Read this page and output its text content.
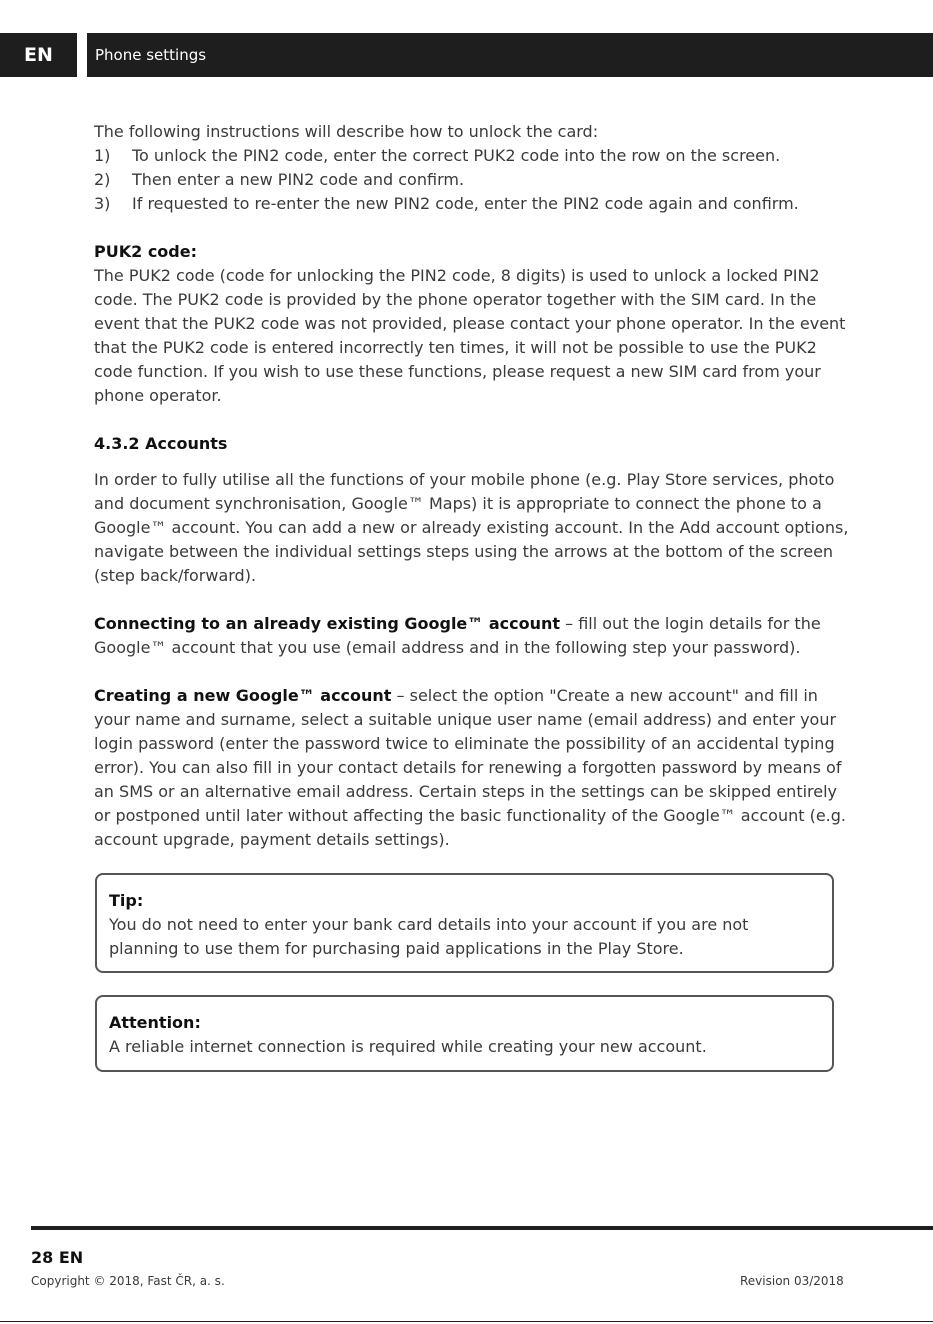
EN	Phone settings

The following instructions will describe how to unlock the card:

1) To unlock the PIN2 code, enter the correct PUK2 code into the row on the screen.
2) Then enter a new PIN2 code and confirm.
3) If requested to re-enter the new PIN2 code, enter the PIN2 code again and confirm.

PUK2 code:

The PUK2 code (code for unlocking the PIN2 code, 8 digits) is used to unlock a locked PIN2 code. The PUK2 code is provided by the phone operator together with the SIM card. In the event that the PUK2 code was not provided, please contact your phone operator. In the event that the PUK2 code is entered incorrectly ten times, it will not be possible to use the PUK2 code function. If you wish to use these functions, please request a new SIM card from your phone operator.

4.3.2 Accounts

In order to fully utilise all the functions of your mobile phone (e.g. Play Store services, photo and document synchronisation, Google™ Maps) it is appropriate to connect the phone to a Google™ account. You can add a new or already existing account. In the Add account options, navigate between the individual settings steps using the arrows at the bottom of the screen (step back/forward).

Connecting to an already existing Google™ account – fill out the login details for the Google™ account that you use (email address and in the following step your password).

Creating a new Google™ account – select the option "Create a new account" and fill in your name and surname, select a suitable unique user name (email address) and enter your login password (enter the password twice to eliminate the possibility of an accidental typing error). You can also fill in your contact details for renewing a forgotten password by means of an SMS or an alternative email address. Certain steps in the settings can be skipped entirely or postponed until later without affecting the basic functionality of the Google™ account (e.g. account upgrade, payment details settings).

Tip:
You do not need to enter your bank card details into your account if you are not planning to use them for purchasing paid applications in the Play Store.
Attention:
A reliable internet connection is required while creating your new account.
28 EN
Copyright © 2018, Fast ČR, a. s.	Revision 03/2018
